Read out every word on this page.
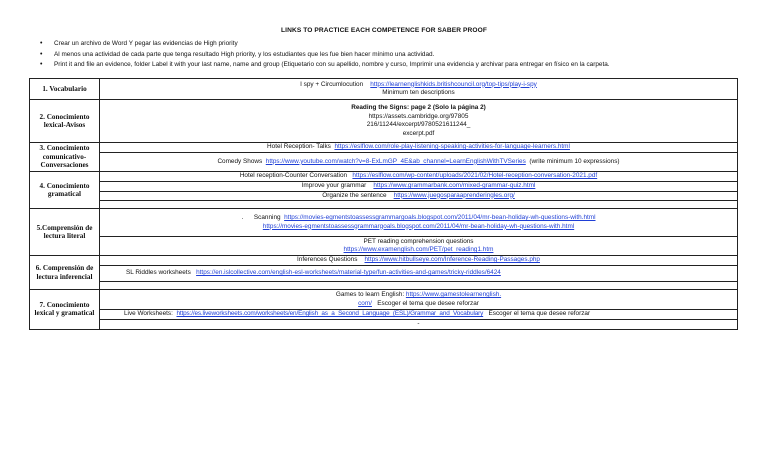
LINKS TO PRACTICE EACH COMPETENCE FOR SABER PROOF
• Crear un archivo de Word Y pegar las evidencias de High priority
• Al menos una actividad de cada parte que tenga resultado High priority, y los estudiantes que les fue bien hacer mínimo una actividad.
• Print it and file an evidence, folder Label it with your last name, name and group (Etiquetario con su apellido, nombre y curso, Imprimir una evidencia y archivar para entregar en físico en la carpeta.
1. Vocabulario	I spy + Circumlocution https://learnenglishkids.britishcouncil.org/top-tips/play-i-spy
Minimum ten descriptions
2. Conocimiento lexical-Avisos	Reading the Signs: page 2 (Solo la página 2)
https://assets.cambridge.org/97805
216/11244/excerpt/9780521611244_
excerpt.pdf
3. Conocimiento comunicativo-Conversaciones	Hotel Reception- Talks https://eslflow.com/role-play-listening-speaking-activities-for-language-learners.html
	Comedy Shows https://www.youtube.com/watch?v=8-ExLmGP_4E&ab_channel=LearnEnglishWithTVSeries (write minimum 10 expressions)
4. Conocimiento gramatical	Hotel reception-Counter Conversation https://eslflow.com/wp-content/uploads/2021/02/Hotel-reception-conversation-2021.pdf
	Improve your grammar https://www.grammarbank.com/mixed-grammar-quiz.html
	Organize the sentence https://www.juegosparaaprenderingles.org/

5.Comprensión de lectura literal	. Scanning https://movies-egmentstoassessgrammargoals.blogspot.com/2011/04/mr-bean-holiday-wh-questions-with.html
https://movies-egmentstoassessgrammargoals.blogspot.com/2011/04/mr-bean-holiday-wh-questions-with.html
	PET reading comprehension questions
https://www.examenglish.com/PET/pet_reading1.htm
6. Comprensión de lectura inferencial	Inferences Questions https://www.hitbullseye.com/Inference-Reading-Passages.php
	SL Riddles worksheets https://en.islcollective.com/english-esl-worksheets/material-type/fun-activities-and-games/tricky-riddles/6424

7. Conocimiento lexical y gramatical	Games to learn English: https://www.gamestolearnenglish.
com/ Escoger el tema que desee reforzar
	Live Worksheets: https://es.liveworksheets.com/worksheets/en/English_as_a_Second_Language_(ESL)/Grammar_and_Vocabulary Escoger el tema que desee reforzar
	-
